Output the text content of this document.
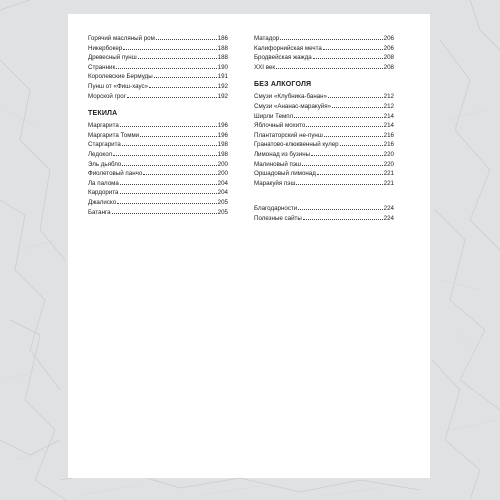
Горячий масляный ром	186
Никербокер	188
Древесный пунш	188
Странник	190
Королевские Бермуды	191
Пунш от «Фиш-хаус»	192
Морской грог	192
ТЕКИЛА
Маргарита	196
Маргарита Томми	196
Старгарита	198
Ледокол	198
Эль дьябло	200
Фиолетовый панчо	200
Ла палома	204
Кардорита	204
Джалиско	205
Батанга	205
Матадор	206
Калифорнийская мечта	206
Бродвейская жажда	208
XXI век	208
БЕЗ АЛКОГОЛЯ
Смузи «Клубника-банан»	212
Смузи «Ананас-маракуйя»	212
Ширли Темпл	214
Яблочный мохито	214
Плантаторский не-пунш	216
Гранатово-клюквенный кулер	216
Лимонад из бузины	220
Малиновый пэш	220
Оршадовый лимонад	221
Маракуйя пэш	221
Благодарности	224
Полезные сайты	224
